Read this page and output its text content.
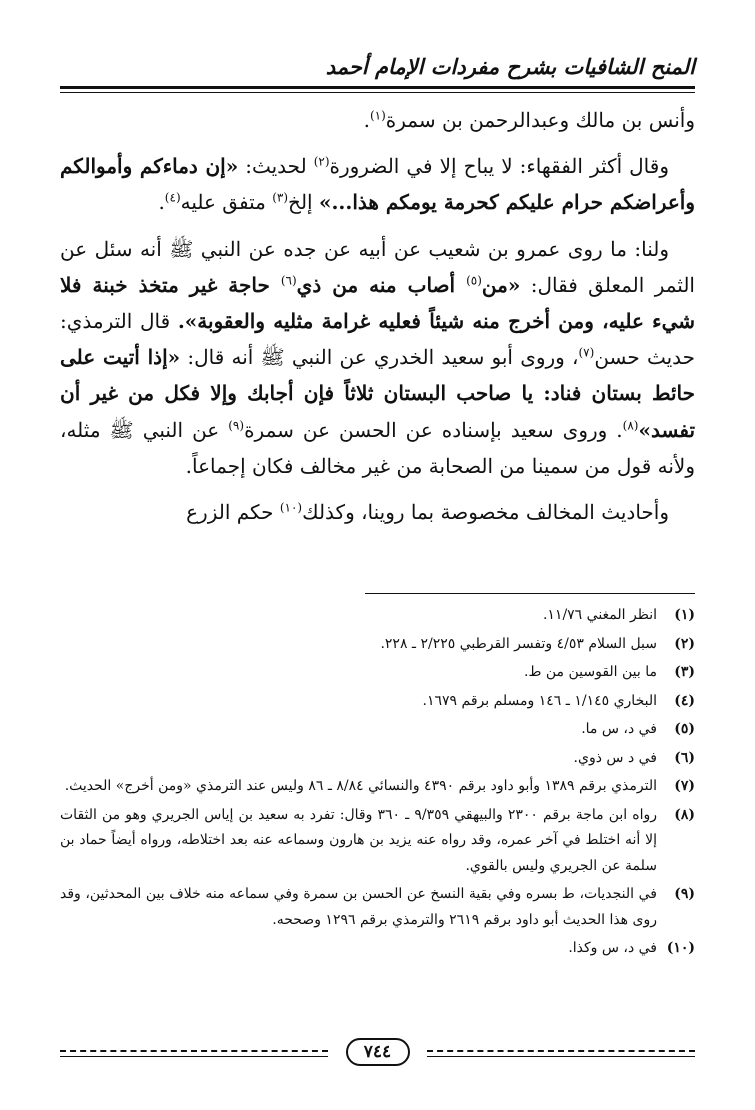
المنح الشافيات بشرح مفردات الإمام أحمد

وأنس بن مالك وعبدالرحمن بن سمرة$^{(١)}$.

وقال أكثر الفقهاء: لا يباح إلا في الضرورة$^{(٢)}$ لحديث: «إن دماءكم وأموالكم وأعراضكم حرام عليكم كحرمة يومكم هذا...» إلخ$^{(٣)}$ متفق عليه$^{(٤)}$.

ولنا: ما روى عمرو بن شعيب عن أبيه عن جده عن النبي ﷺ أنه سئل عن الثمر المعلق فقال: «من$^{(٥)}$ أصاب منه من ذي$^{(٦)}$ حاجة غير متخذ خبنة فلا شيء عليه، ومن أخرج منه شيئاً فعليه غرامة مثليه والعقوبة». قال الترمذي: حديث حسن$^{(٧)}$، وروى أبو سعيد الخدري عن النبي ﷺ أنه قال: «إذا أتيت على حائط بستان فناد: يا صاحب البستان ثلاثاً فإن أجابك وإلا فكل من غير أن تفسد»$^{(٨)}$. وروى سعيد بإسناده عن الحسن عن سمرة$^{(٩)}$ عن النبي ﷺ مثله، ولأنه قول من سمينا من الصحابة من غير مخالف فكان إجماعاً.

وأحاديث المخالف مخصوصة بما روينا، وكذلك$^{(١٠)}$ حكم الزرع

(١)
انظر المغني ١١/٧٦.
(٢)
سبل السلام ٤/٥٣ وتفسر القرطبي ٢/٢٢٥ ـ ٢٢٨.
(٣)
ما بين القوسين من ط.
(٤)
البخاري ١/١٤٥ ـ ١٤٦ ومسلم برقم ١٦٧٩.
(٥)
في د، س ما.
(٦)
في د س ذوي.
(٧)
الترمذي برقم ١٣٨٩ وأبو داود برقم ٤٣٩٠ والنسائي ٨/٨٤ ـ ٨٦ وليس عند الترمذي «ومن أخرج» الحديث.
(٨)
رواه ابن ماجة برقم ٢٣٠٠ والبيهقي ٩/٣٥٩ ـ ٣٦٠ وقال: تفرد به سعيد بن إياس الجريري وهو من الثقات إلا أنه اختلط في آخر عمره، وقد رواه عنه يزيد بن هارون وسماعه عنه بعد اختلاطه، ورواه أيضاً حماد بن سلمة عن الجريري وليس بالقوي.
(٩)
في النجديات، ط بسره وفي بقية النسخ عن الحسن بن سمرة وفي سماعه منه خلاف بين المحدثين، وقد روى هذا الحديث أبو داود برقم ٢٦١٩ والترمذي برقم ١٢٩٦ وصححه.
(١٠)
في د، س وكذا.
٧٤٤
